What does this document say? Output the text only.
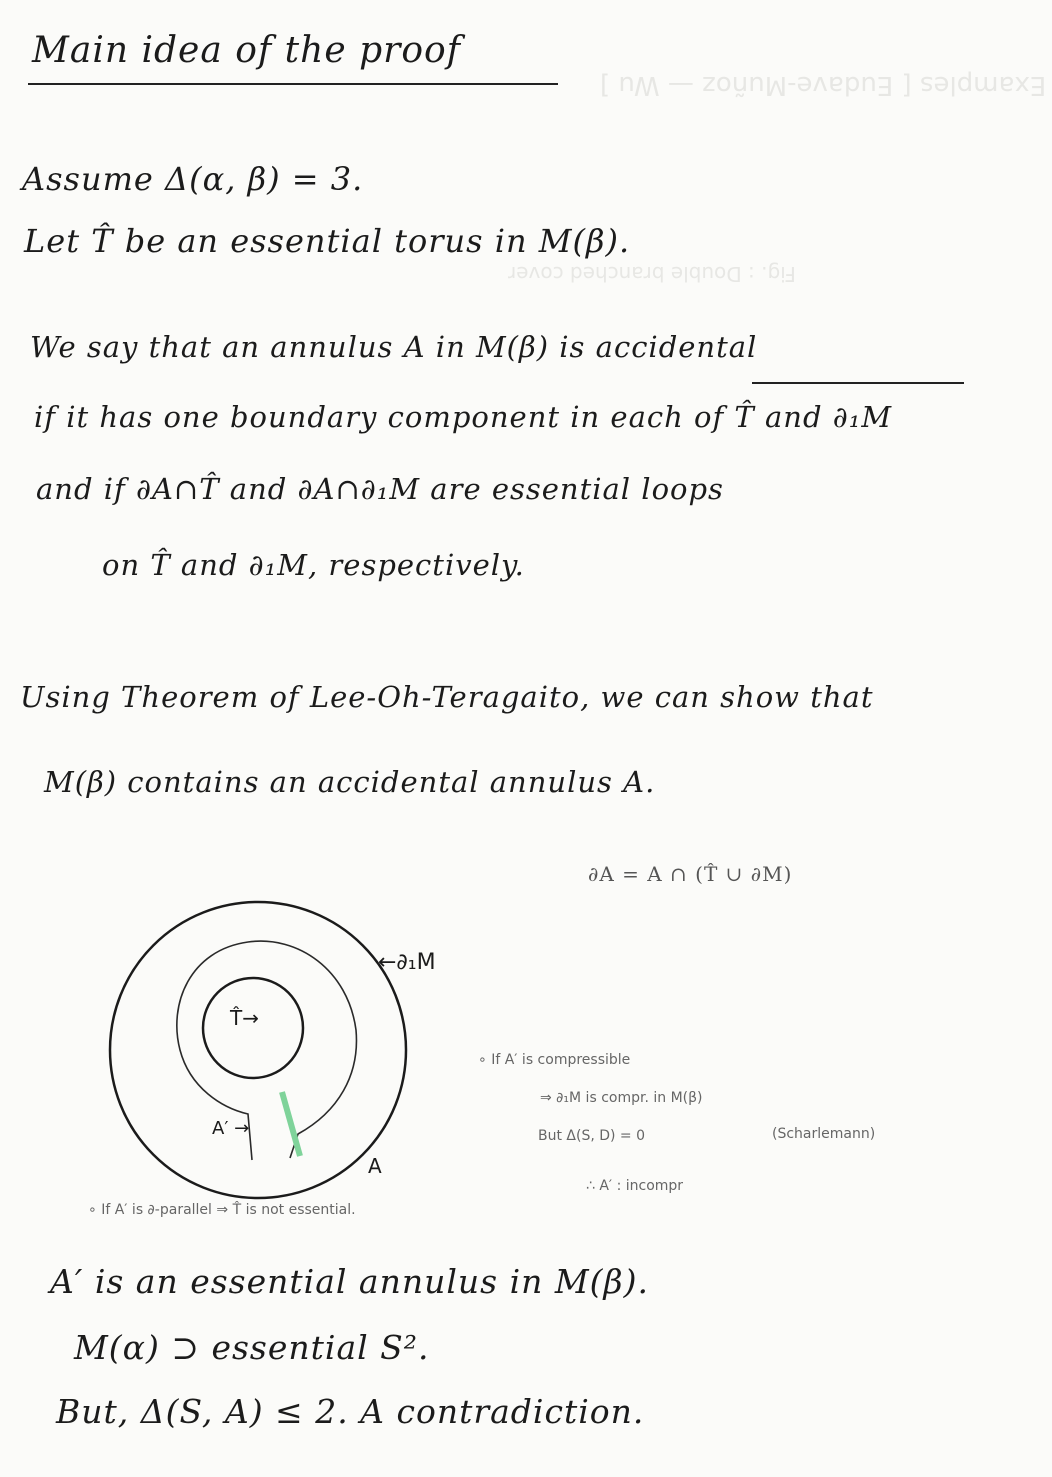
Examples [ Eudave-Muñoz — Wu ]
Fig. : Double branched cover
Main idea of the proof
Assume Δ(α, β) = 3.
Let T̂ be an essential torus in M(β).
We say that an annulus A in M(β) is accidental
if it has one boundary component in each of T̂ and ∂₁M
and if ∂A∩T̂ and ∂A∩∂₁M are essential loops
on T̂ and ∂₁M, respectively.
Using Theorem of Lee-Oh-Teragaito, we can show that
M(β) contains an accidental annulus A.
∂A = A ∩ (T̂ ∪ ∂M)
←∂₁M
T̂→
A′ →
A
∘ If A′ is compressible
⇒ ∂₁M is compr. in M(β)
But Δ(S, D) = 0	(Scharlemann)
∴ A′ : incompr
∘ If A′ is ∂-parallel ⇒ T̂ is not essential.
A′ is an essential annulus in M(β).
M(α) ⊃ essential S².
But, Δ(S, A) ≤ 2. A contradiction.
